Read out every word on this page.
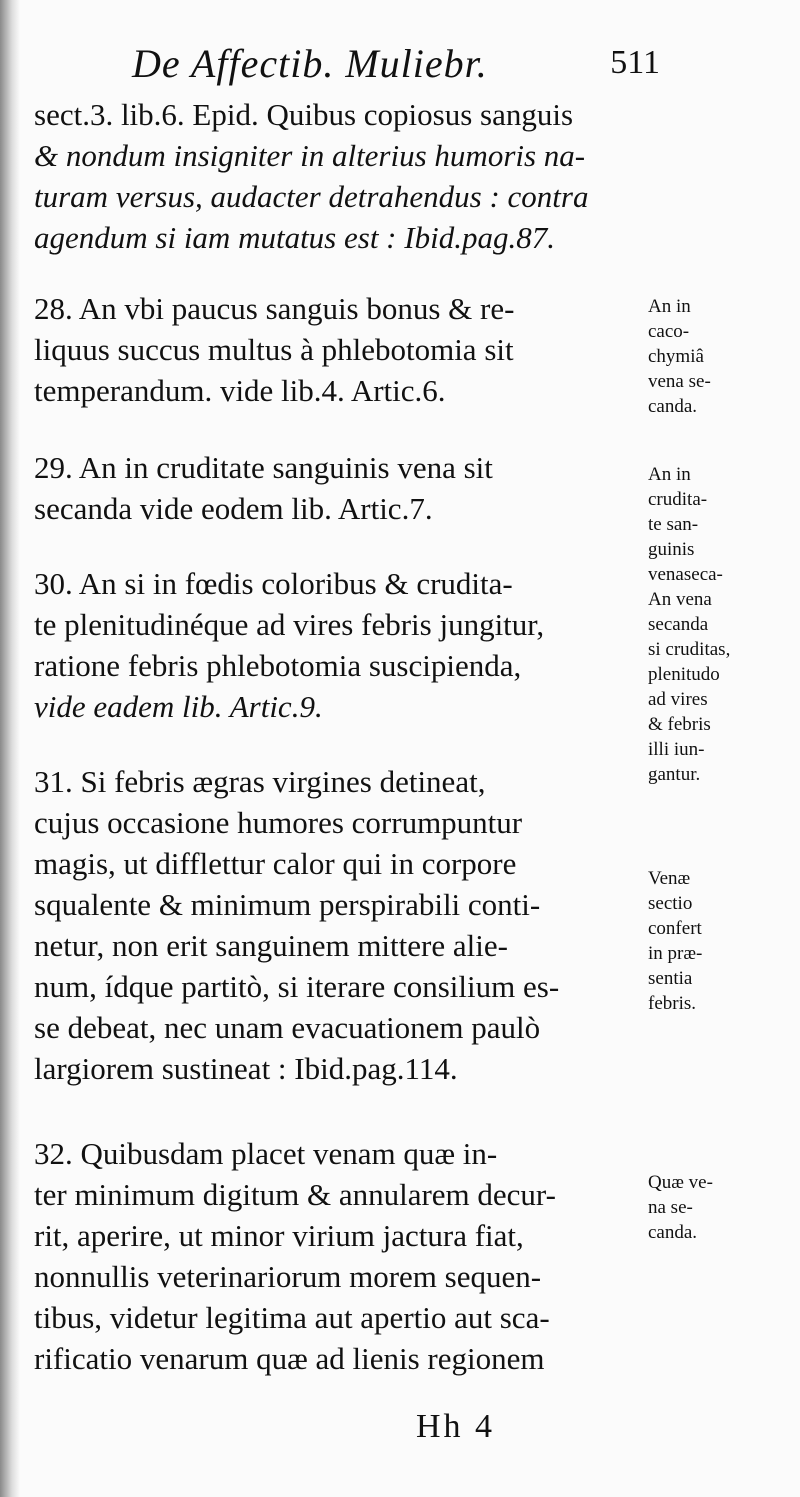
De Affectib. Muliebr.	511

sect.3. lib.6. Epid. Quibus copiosus sanguis
& nondum insigniter in alterius humoris na-
turam versus, audacter detrahendus : contra
agendum si iam mutatus est : Ibid.pag.87.

28. An vbi paucus sanguis bonus & re-
liquus succus multus à phlebotomia sit
temperandum. vide lib.4. Artic.6.

29. An in cruditate sanguinis vena sit
secanda vide eodem lib. Artic.7.

30. An si in fœdis coloribus & crudita-
te plenitudinéque ad vires febris jungitur,
ratione febris phlebotomia suscipienda,
vide eadem lib. Artic.9.

31. Si febris ægras virgines detineat,
cujus occasione humores corrumpuntur
magis, ut difflettur calor qui in corpore
squalente & minimum perspirabili conti-
netur, non erit sanguinem mittere alie-
num, ídque partitò, si iterare consilium es-
se debeat, nec unam evacuationem paulò
largiorem sustineat : Ibid.pag.114.

32. Quibusdam placet venam quæ in-
ter minimum digitum & annularem decur-
rit, aperire, ut minor virium jactura fiat,
nonnullis veterinariorum morem sequen-
tibus, videtur legitima aut apertio aut sca-
rificatio venarum quæ ad lienis regionem

An in
caco-
chymiâ
vena se-
canda.
An in
crudita-
te san-
guinis
venaseca-
An vena
secanda
si cruditas,
plenitudo
ad vires
& febris
illi iun-
gantur.
Venæ
sectio
confert
in præ-
sentia
febris.
Quæ ve-
na se-
canda.
Hh 4
